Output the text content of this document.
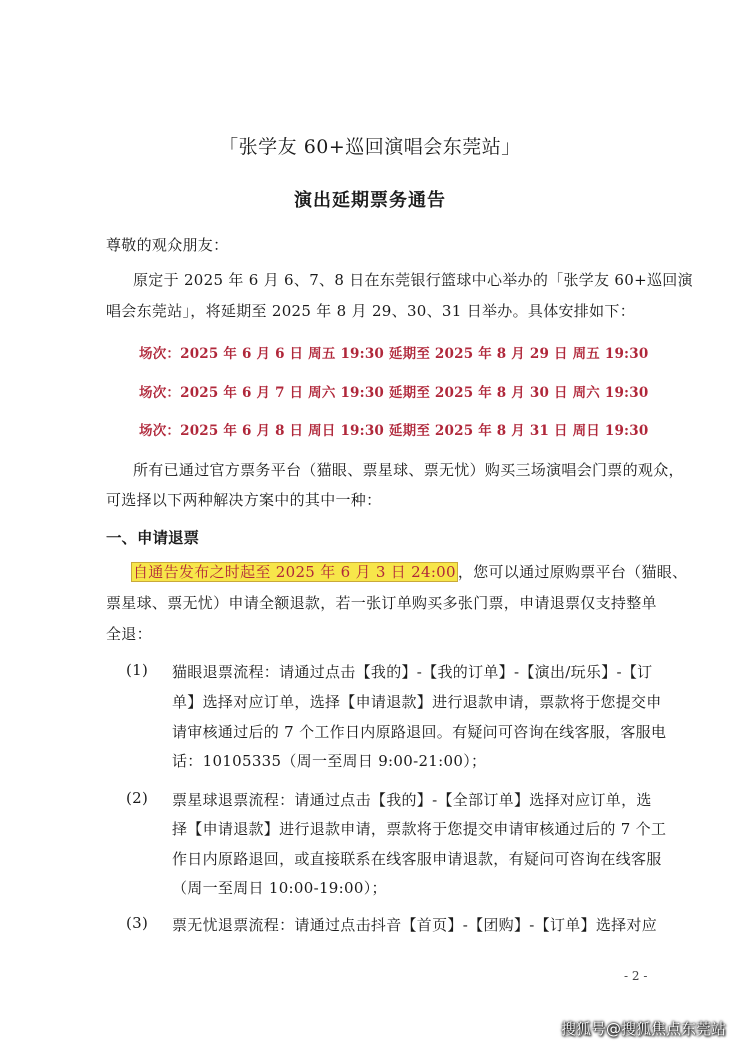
「张学友 60+巡回演唱会东莞站」
演出延期票务通告
尊敬的观众朋友：
原定于 2025 年 6 月 6、7、8 日在东莞银行篮球中心举办的「张学友 60+巡回演
唱会东莞站」，将延期至 2025 年 8 月 29、30、31 日举办。具体安排如下：
场次：2025 年 6 月 6 日 周五 19:30 延期至 2025 年 8 月 29 日 周五 19:30
场次：2025 年 6 月 7 日 周六 19:30 延期至 2025 年 8 月 30 日 周六 19:30
场次：2025 年 6 月 8 日 周日 19:30 延期至 2025 年 8 月 31 日 周日 19:30
所有已通过官方票务平台（猫眼、票星球、票无忧）购买三场演唱会门票的观众，
可选择以下两种解决方案中的其中一种：
一、申请退票
自通告发布之时起至 2025 年 6 月 3 日 24:00 ，您可以通过原购票平台（猫眼、
票星球、票无忧）申请全额退款，若一张订单购买多张门票，申请退票仅支持整单
全退：
(1) 猫眼退票流程：请通过点击【我的】-【我的订单】-【演出/玩乐】-【订
单】选择对应订单，选择【申请退款】进行退款申请，票款将于您提交申
请审核通过后的 7 个工作日内原路退回。有疑问可咨询在线客服，客服电
话：10105335（周一至周日 9:00-21:00）；
(2) 票星球退票流程：请通过点击【我的】-【全部订单】选择对应订单，选
择【申请退款】进行退款申请，票款将于您提交申请审核通过后的 7 个工
作日内原路退回，或直接联系在线客服申请退款，有疑问可咨询在线客服
（周一至周日 10:00-19:00）；
(3) 票无忧退票流程：请通过点击抖音【首页】-【团购】-【订单】选择对应
- 2 -
搜狐号@搜狐焦点东莞站
